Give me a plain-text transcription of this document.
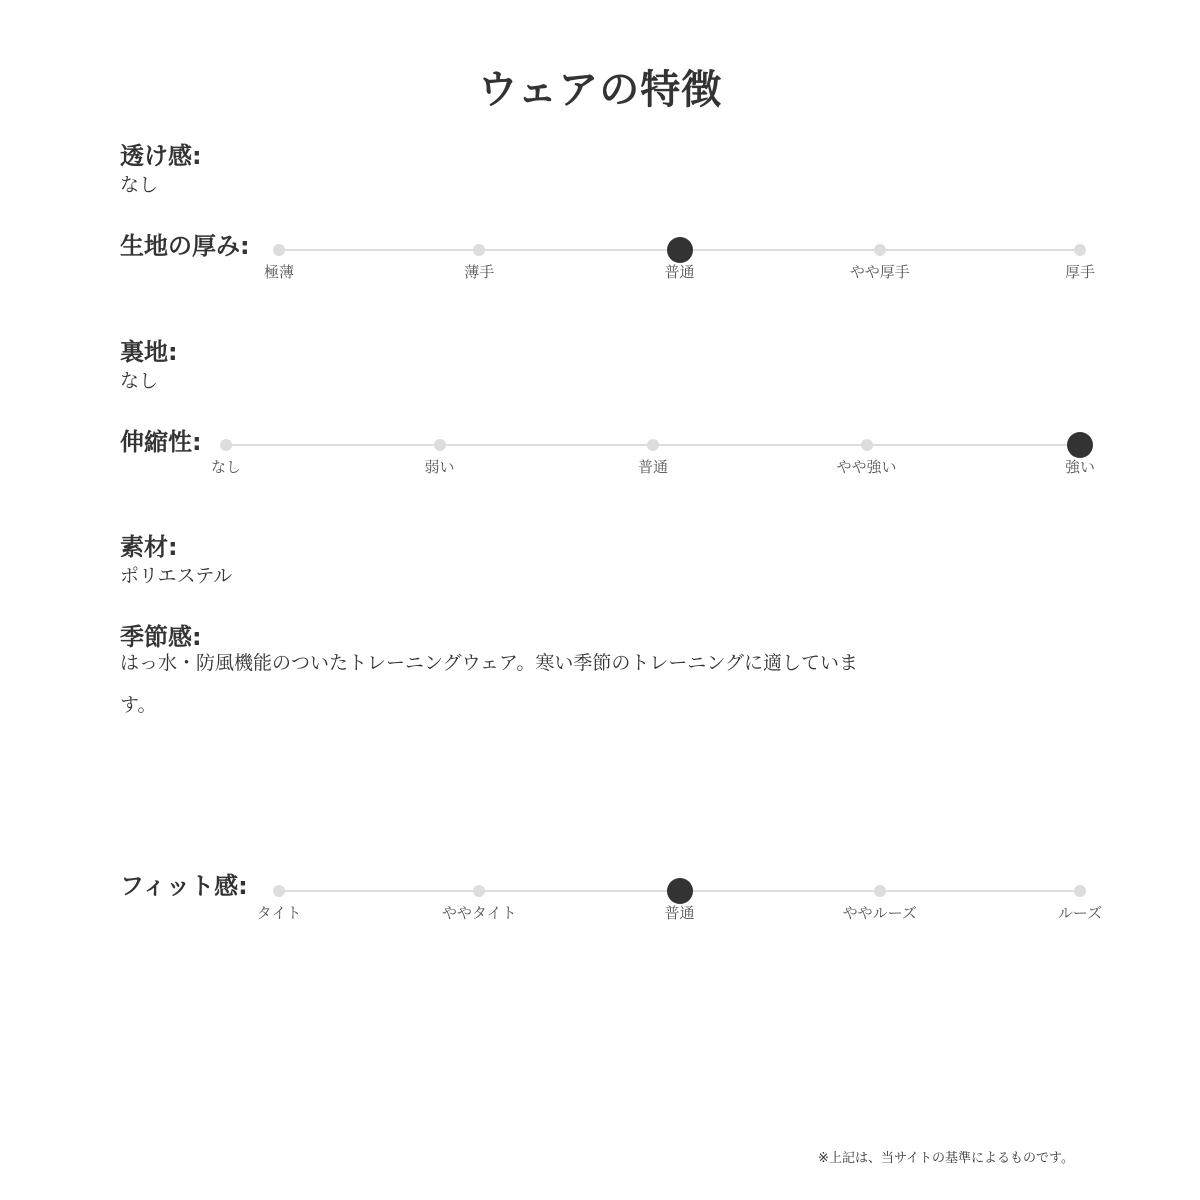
ウェアの特徴
透け感:
なし
生地の厚み:
極薄	薄手	普通	やや厚手	厚手
裏地:
なし
伸縮性:
なし	弱い	普通	やや強い	強い
素材:
ポリエステル
季節感:
はっ水・防風機能のついたトレーニングウェア。寒い季節のトレーニングに適しています。
フィット感:
タイト	ややタイト	普通	ややルーズ	ルーズ
※上記は、当サイトの基準によるものです。
